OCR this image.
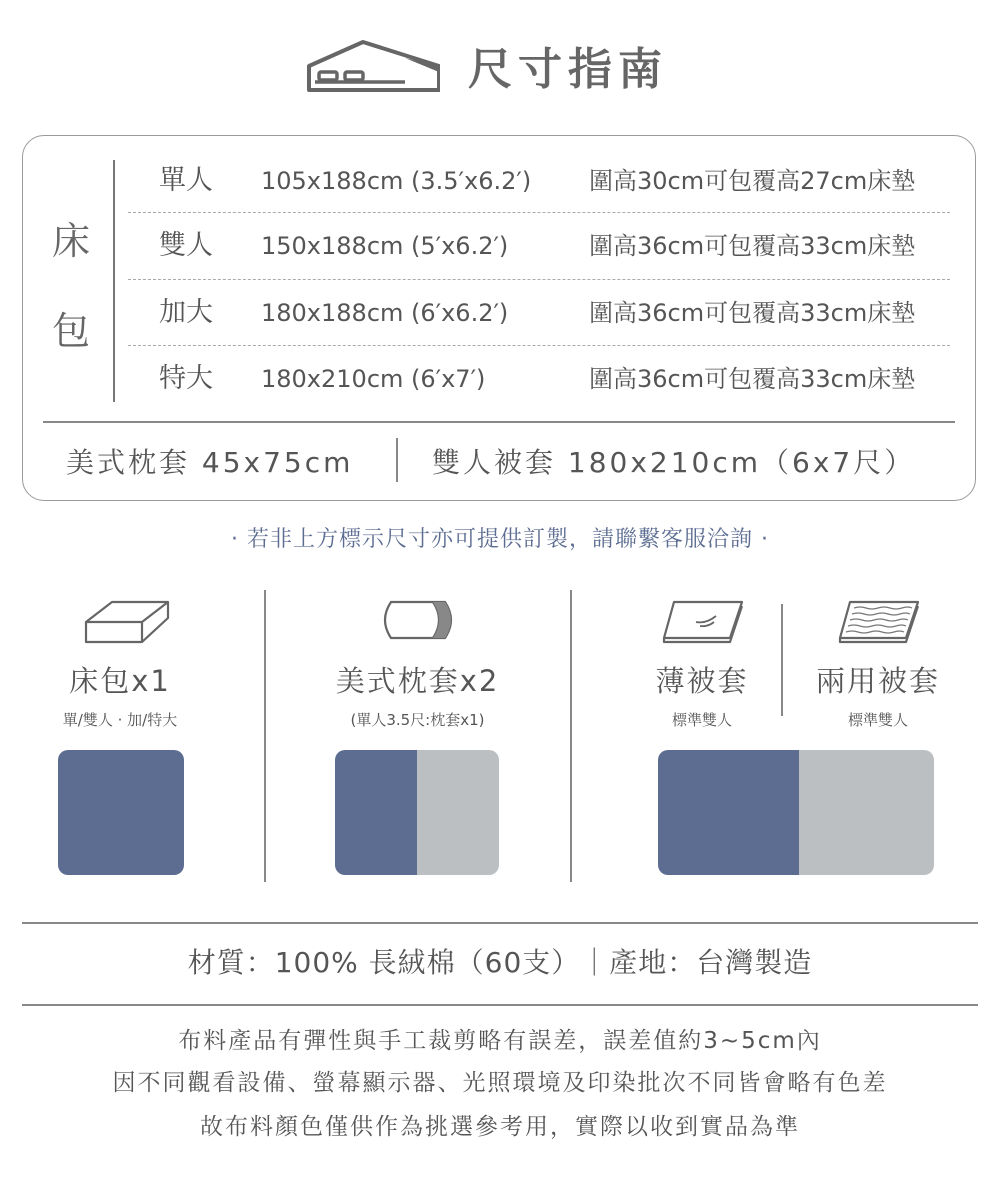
尺寸指南
床
包
單人 105x188cm (3.5′x6.2′) 圍高30cm可包覆高27cm床墊
雙人 150x188cm (5′x6.2′)	圍高36cm可包覆高33cm床墊
加大 180x188cm (6′x6.2′)	圍高36cm可包覆高33cm床墊
特大 180x210cm (6′x7′)	圍高36cm可包覆高33cm床墊
美式枕套 45x75cm	雙人被套 180x210cm（6x7尺）
· 若非上方標示尺寸亦可提供訂製，請聯繫客服洽詢 ·
床包x1
單/雙人 · 加/特大
美式枕套x2
(單人3.5尺:枕套x1)
薄被套
標準雙人
兩用被套
標準雙人
材質：100% 長絨棉（60支）｜產地：台灣製造
布料產品有彈性與手工裁剪略有誤差，誤差值約3~5cm內
因不同觀看設備、螢幕顯示器、光照環境及印染批次不同皆會略有色差
故布料顏色僅供作為挑選參考用，實際以收到實品為準
